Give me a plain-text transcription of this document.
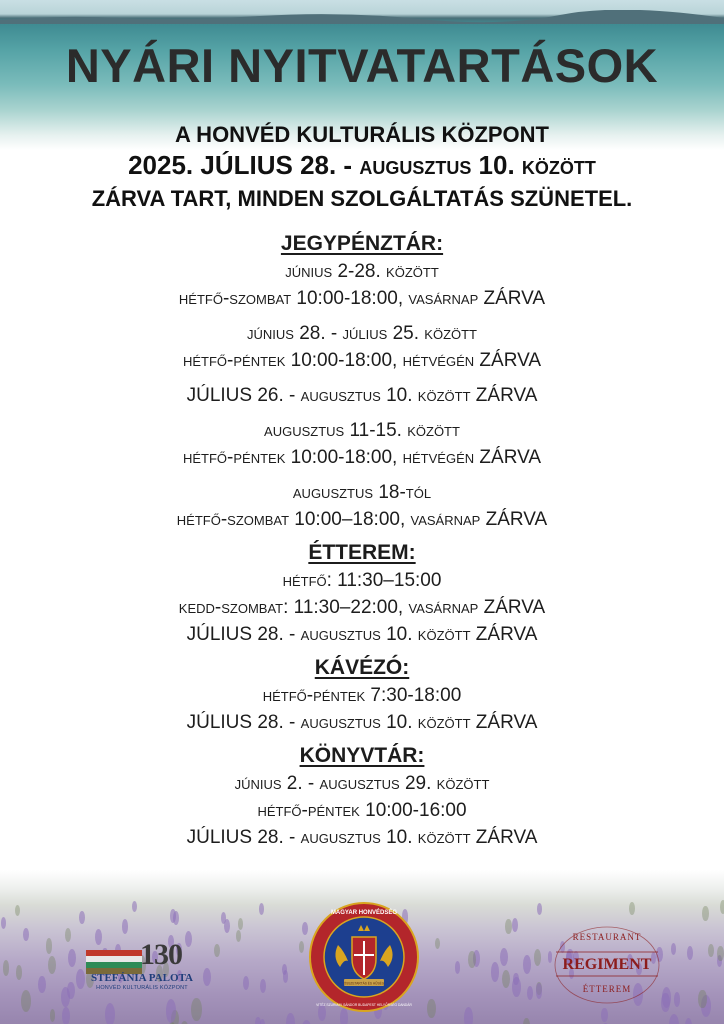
NYÁRI NYITVATARTÁSOK
A HONVÉD KULTURÁLIS KÖZPONT
2025. JÚLIUS 28. - augusztus 10. között
ZÁRVA TART, MINDEN SZOLGÁLTATÁS SZÜNETEL.

JEGYPÉNZTÁR:

június 2-28. között

hétfő-szombat 10:00-18:00, vasárnap ZÁRVA

június 28. - július 25. között

hétfő-péntek 10:00-18:00, hétvégén ZÁRVA

JÚLIUS 26. - augusztus 10. között ZÁRVA

augusztus 11-15. között

hétfő-péntek 10:00-18:00, hétvégén ZÁRVA

augusztus 18-tól

hétfő-szombat 10:00–18:00, vasárnap ZÁRVA

ÉTTEREM:

hétfő: 11:30–15:00

kedd-szombat: 11:30–22:00, vasárnap ZÁRVA

JÚLIUS 28. - augusztus 10. között ZÁRVA

KÁVÉZÓ:

hétfő-péntek 7:30-18:00

JÚLIUS 28. - augusztus 10. között ZÁRVA

KÖNYVTÁR:

június 2. - augusztus 29. között

hétfő-péntek 10:00-16:00

JÚLIUS 28. - augusztus 10. között ZÁRVA

130
STEFÁNIA PALOTA
HONVÉD KULTURÁLIS KÖZPONT
MAGYAR HONVÉDSÉG
ÖSSZETARTÁS ÉS HŰSÉG
VITÉZ SZURMAY SÁNDOR BUDAPEST HELYŐRSÉG DANDÁR
RESTAURANT
REGIMENT
ÉTTEREM
